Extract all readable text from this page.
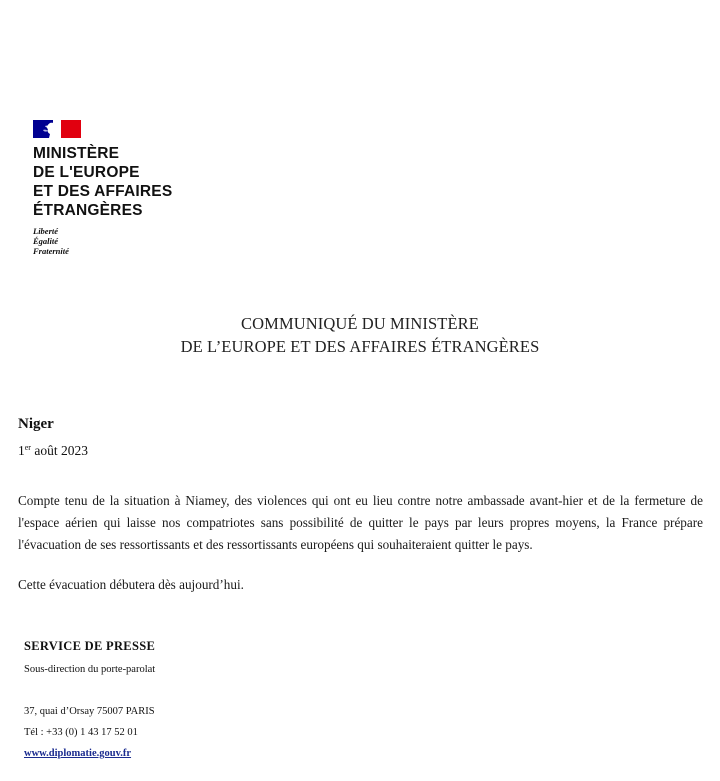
MINISTÈRE
DE L'EUROPE
ET DES AFFAIRES
ÉTRANGÈRES
Liberté
Égalité
Fraternité
COMMUNIQUÉ DU MINISTÈRE
DE L’EUROPE ET DES AFFAIRES ÉTRANGÈRES
Niger
1er août 2023
Compte tenu de la situation à Niamey, des violences qui ont eu lieu contre notre ambassade avant-hier et de la fermeture de l'espace aérien qui laisse nos compatriotes sans possibilité de quitter le pays par leurs propres moyens, la France prépare l'évacuation de ses ressortissants et des ressortissants européens qui souhaiteraient quitter le pays.
Cette évacuation débutera dès aujourd’hui.
SERVICE DE PRESSE
Sous-direction du porte-parolat
37, quai d’Orsay 75007 PARIS
Tél : +33 (0) 1 43 17 52 01
www.diplomatie.gouv.fr
